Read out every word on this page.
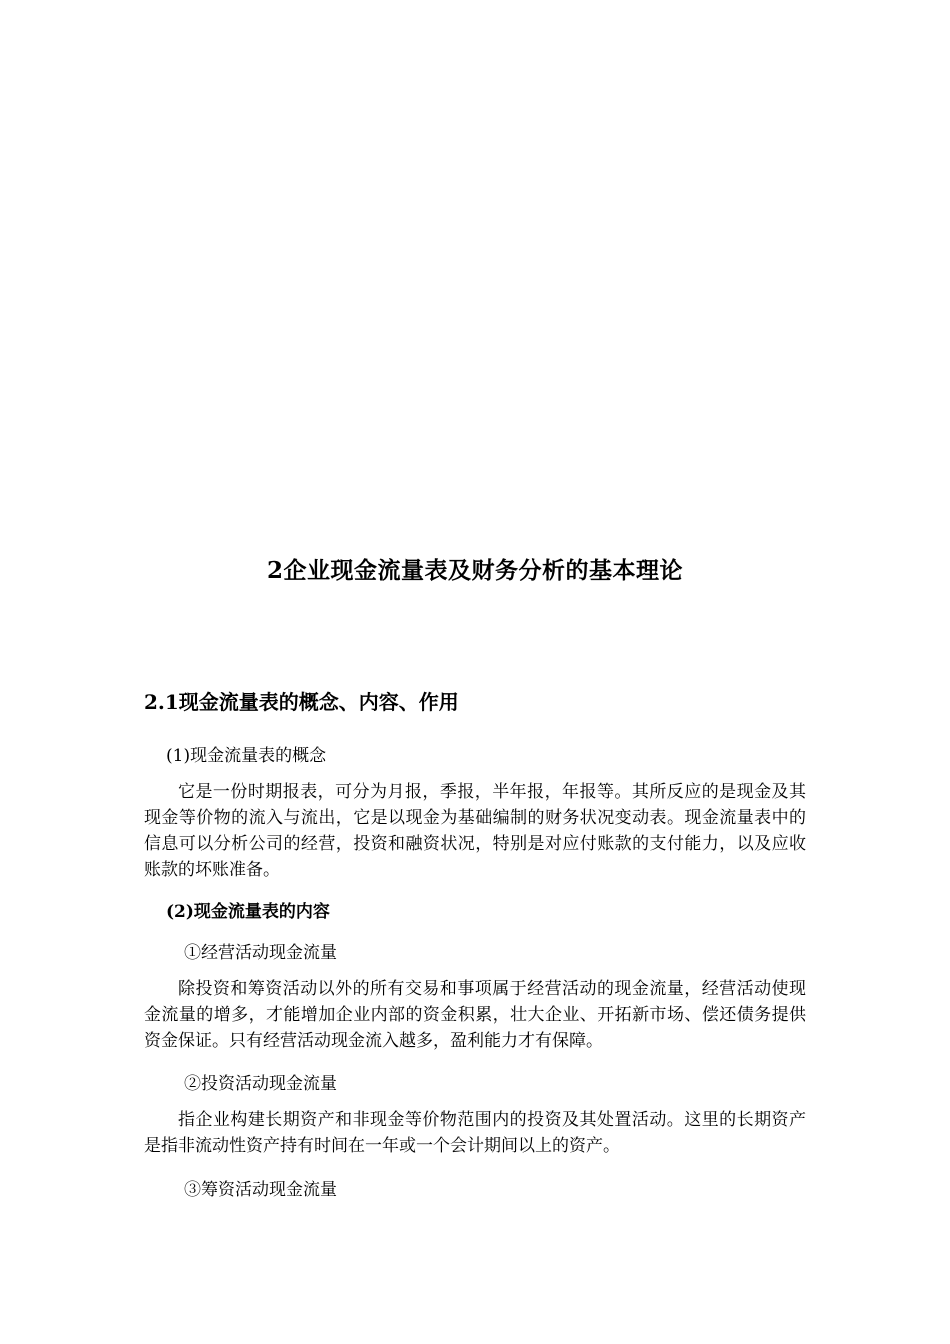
2企业现金流量表及财务分析的基本理论
2.1现金流量表的概念、内容、作用

(1)现金流量表的概念

它是一份时期报表，可分为月报，季报，半年报，年报等。其所反应的是现金及其现金等价物的流入与流出，它是以现金为基础编制的财务状况变动表。现金流量表中的信息可以分析公司的经营，投资和融资状况，特别是对应付账款的支付能力，以及应收账款的坏账准备。

(2)现金流量表的内容

①经营活动现金流量

除投资和筹资活动以外的所有交易和事项属于经营活动的现金流量，经营活动使现金流量的增多，才能增加企业内部的资金积累，壮大企业、开拓新市场、偿还债务提供资金保证。只有经营活动现金流入越多，盈利能力才有保障。

②投资活动现金流量

指企业构建长期资产和非现金等价物范围内的投资及其处置活动。这里的长期资产是指非流动性资产持有时间在一年或一个会计期间以上的资产。

③筹资活动现金流量
